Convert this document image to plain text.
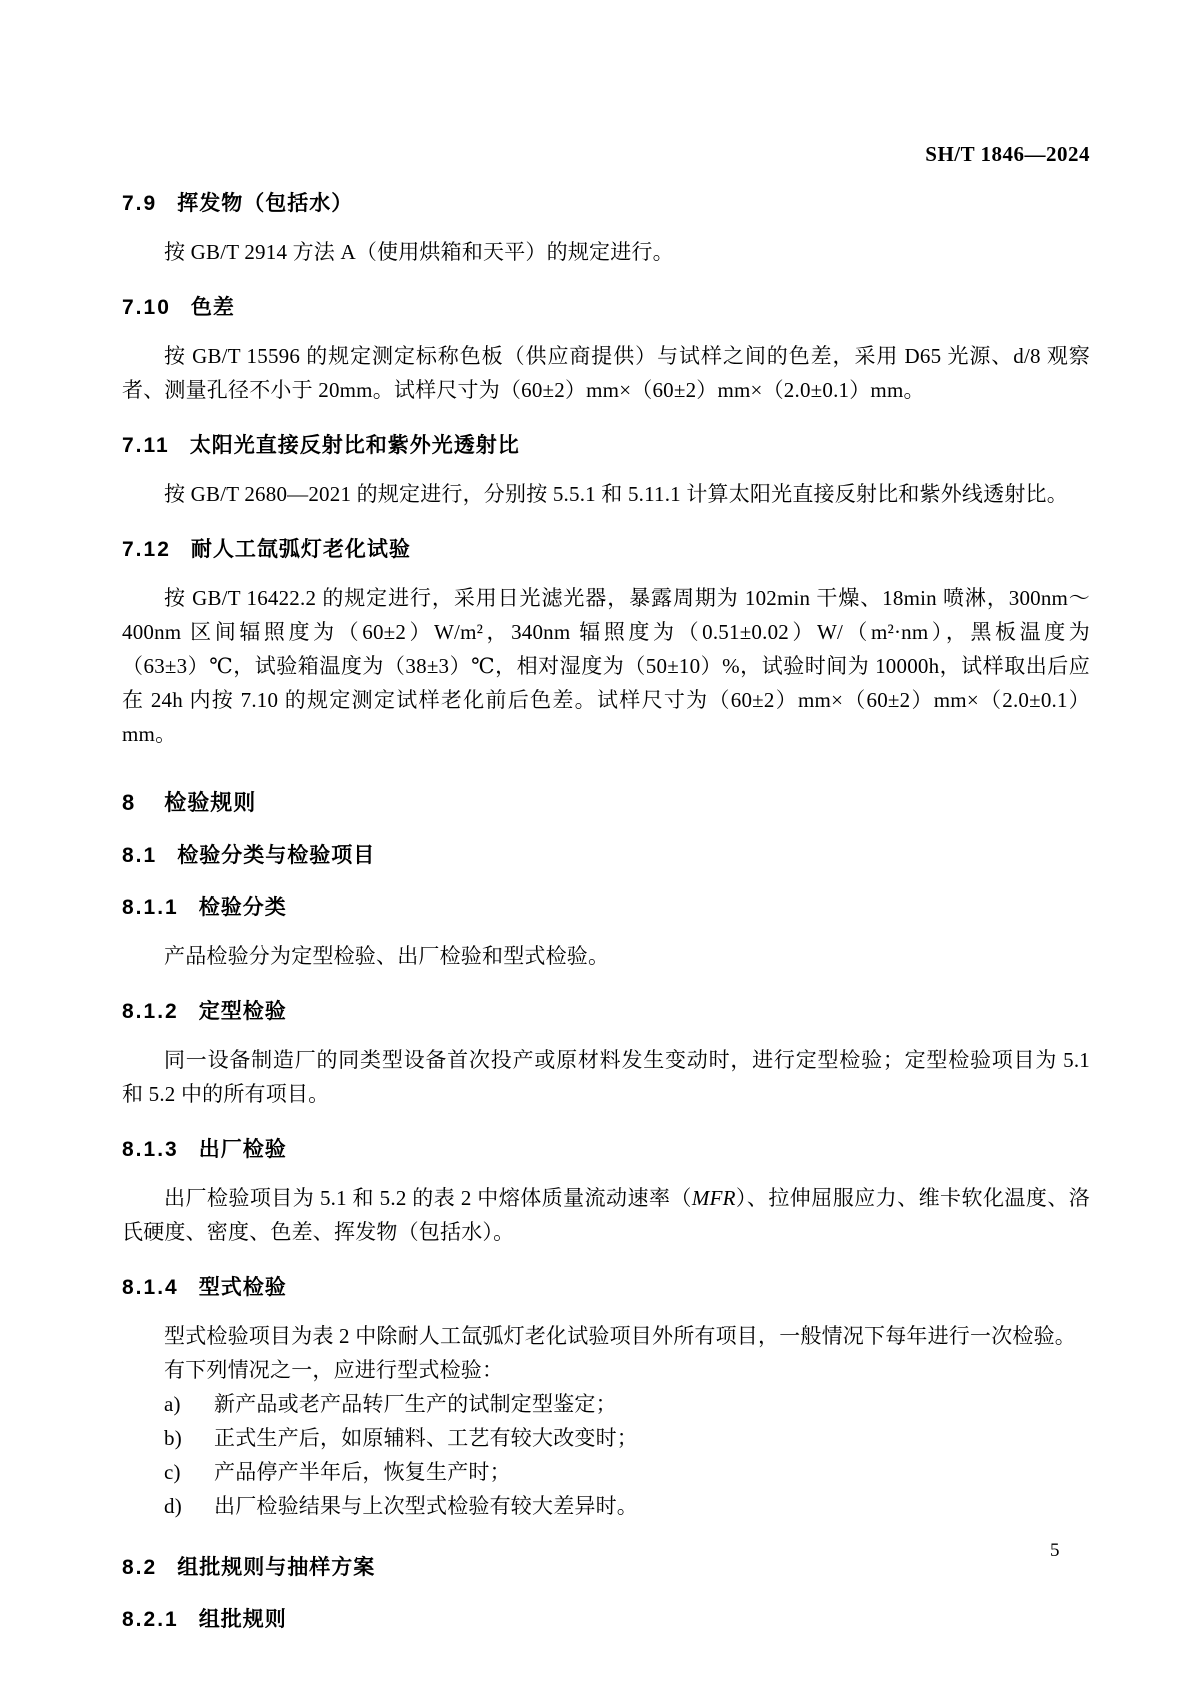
SH/T 1846—2024
7.9 挥发物（包括水）

按 GB/T 2914 方法 A（使用烘箱和天平）的规定进行。

7.10 色差

按 GB/T 15596 的规定测定标称色板（供应商提供）与试样之间的色差，采用 D65 光源、d/8 观察者、测量孔径不小于 20mm。试样尺寸为（60±2）mm×（60±2）mm×（2.0±0.1）mm。

7.11 太阳光直接反射比和紫外光透射比

按 GB/T 2680—2021 的规定进行，分别按 5.5.1 和 5.11.1 计算太阳光直接反射比和紫外线透射比。

7.12 耐人工氙弧灯老化试验

按 GB/T 16422.2 的规定进行，采用日光滤光器，暴露周期为 102min 干燥、18min 喷淋，300nm～400nm 区间辐照度为（60±2）W/m²，340nm 辐照度为（0.51±0.02）W/（m²·nm），黑板温度为（63±3）℃，试验箱温度为（38±3）℃，相对湿度为（50±10）%，试验时间为 10000h，试样取出后应在 24h 内按 7.10 的规定测定试样老化前后色差。试样尺寸为（60±2）mm×（60±2）mm×（2.0±0.1）mm。

8 检验规则
8.1 检验分类与检验项目
8.1.1 检验分类

产品检验分为定型检验、出厂检验和型式检验。

8.1.2 定型检验

同一设备制造厂的同类型设备首次投产或原材料发生变动时，进行定型检验；定型检验项目为 5.1 和 5.2 中的所有项目。

8.1.3 出厂检验

出厂检验项目为 5.1 和 5.2 的表 2 中熔体质量流动速率（MFR）、拉伸屈服应力、维卡软化温度、洛氏硬度、密度、色差、挥发物（包括水）。

8.1.4 型式检验

型式检验项目为表 2 中除耐人工氙弧灯老化试验项目外所有项目，一般情况下每年进行一次检验。

有下列情况之一，应进行型式检验：

a) 新产品或老产品转厂生产的试制定型鉴定；
b) 正式生产后，如原辅料、工艺有较大改变时；
c) 产品停产半年后，恢复生产时；
d) 出厂检验结果与上次型式检验有较大差异时。
8.2 组批规则与抽样方案
8.2.1 组批规则
5
